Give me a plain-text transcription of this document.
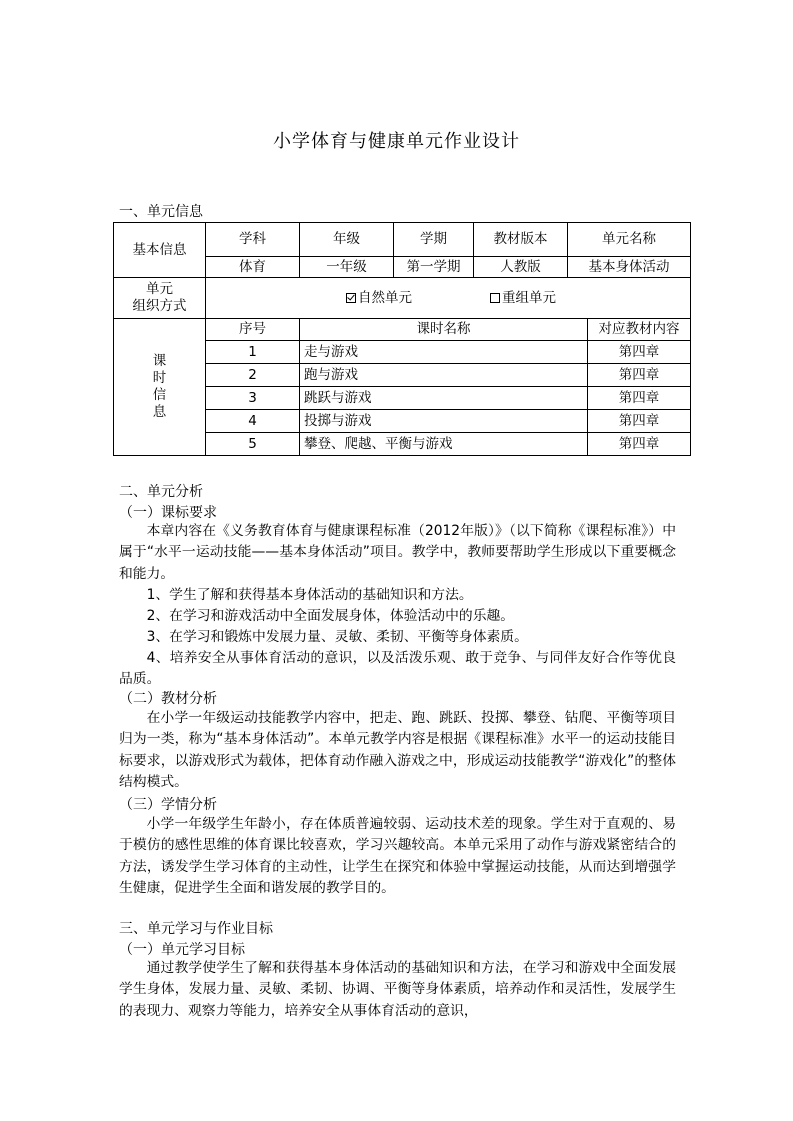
小学体育与健康单元作业设计
一、单元信息
基本信息	学科	年级	学期	教材版本	单元名称	
	体育	一年级	第一学期	人教版	基本身体活动	

单元
组织方式	自然单元 重组单元					

课
时
信
息	序号	课时名称				对应教材内容
	1	走与游戏				第四章
	2	跑与游戏				第四章
	3	跳跃与游戏				第四章
	4	投掷与游戏				第四章
	5	攀登、爬越、平衡与游戏				第四章
二、单元分析
（一）课标要求
本章内容在《义务教育体育与健康课程标准（2012年版）》（以下简称《课程标准》）中属于“水平一运动技能——基本身体活动”项目。教学中，教师要帮助学生形成以下重要概念和能力。
1、学生了解和获得基本身体活动的基础知识和方法。
2、在学习和游戏活动中全面发展身体，体验活动中的乐趣。
3、在学习和锻炼中发展力量、灵敏、柔韧、平衡等身体素质。
4、培养安全从事体育活动的意识，以及活泼乐观、敢于竞争、与同伴友好合作等优良品质。
（二）教材分析
在小学一年级运动技能教学内容中，把走、跑、跳跃、投掷、攀登、钻爬、平衡等项目归为一类，称为“基本身体活动”。本单元教学内容是根据《课程标准》水平一的运动技能目标要求，以游戏形式为载体，把体育动作融入游戏之中，形成运动技能教学“游戏化”的整体结构模式。
（三）学情分析
小学一年级学生年龄小，存在体质普遍较弱、运动技术差的现象。学生对于直观的、易于模仿的感性思维的体育课比较喜欢，学习兴趣较高。本单元采用了动作与游戏紧密结合的方法，诱发学生学习体育的主动性，让学生在探究和体验中掌握运动技能，从而达到增强学生健康，促进学生全面和谐发展的教学目的。
三、单元学习与作业目标
（一）单元学习目标
通过教学使学生了解和获得基本身体活动的基础知识和方法，在学习和游戏中全面发展学生身体，发展力量、灵敏、柔韧、协调、平衡等身体素质，培养动作和灵活性，发展学生的表现力、观察力等能力，培养安全从事体育活动的意识，
